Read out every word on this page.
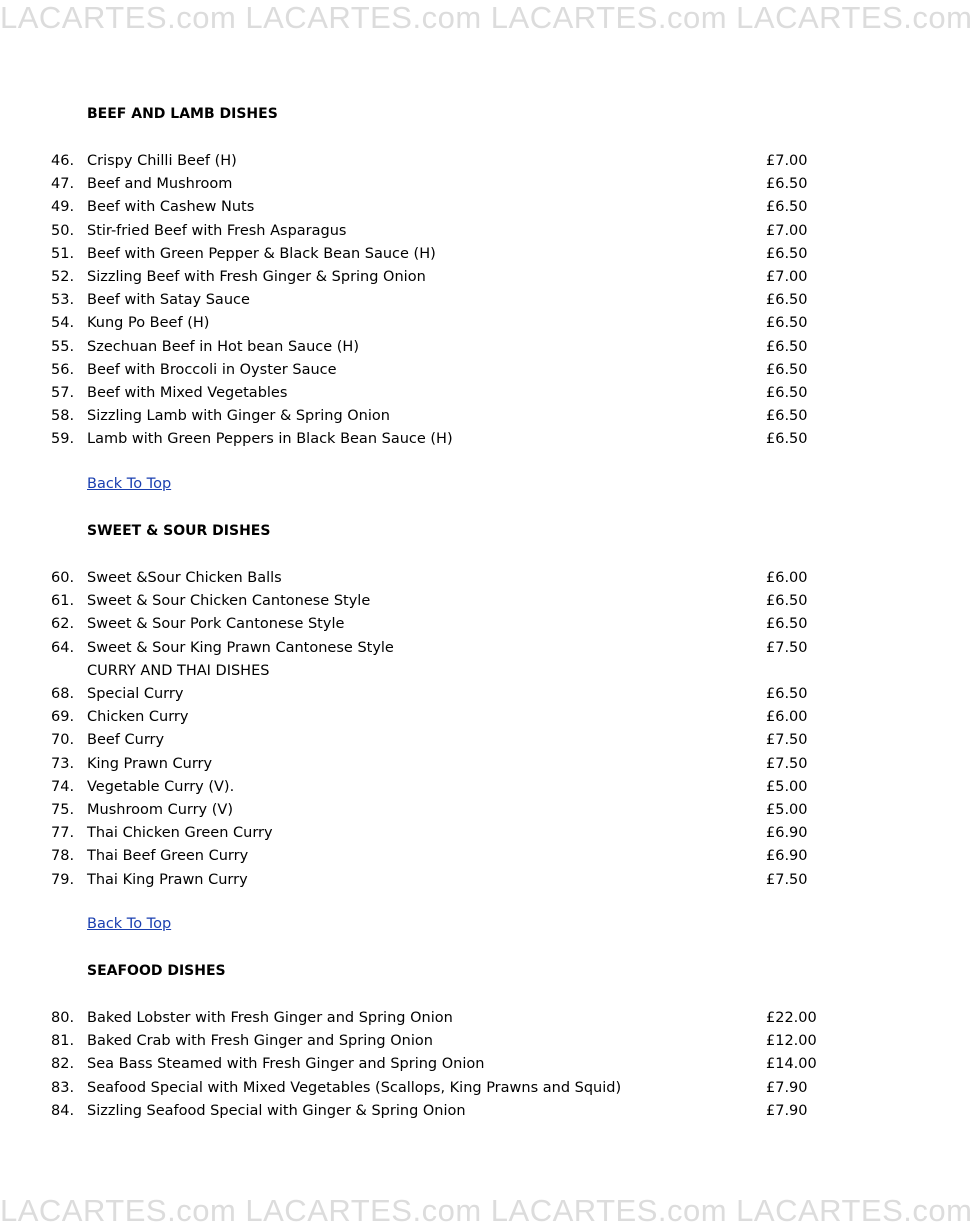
LACARTES.com LACARTES.com LACARTES.com LACARTES.com
BEEF AND LAMB DISHES
Back To Top
SWEET & SOUR DISHES
Back To Top
SEAFOOD DISHES
LACARTES.com LACARTES.com LACARTES.com LACARTES.com
46. Crispy Chilli Beef (H)	£7.00
47. Beef and Mushroom	£6.50
49. Beef with Cashew Nuts	£6.50
50. Stir-fried Beef with Fresh Asparagus	£7.00
51. Beef with Green Pepper & Black Bean Sauce (H)	£6.50
52. Sizzling Beef with Fresh Ginger & Spring Onion	£7.00
53. Beef with Satay Sauce	£6.50
54. Kung Po Beef (H)	£6.50
55. Szechuan Beef in Hot bean Sauce (H)	£6.50
56. Beef with Broccoli in Oyster Sauce	£6.50
57. Beef with Mixed Vegetables	£6.50
58. Sizzling Lamb with Ginger & Spring Onion	£6.50
59. Lamb with Green Peppers in Black Bean Sauce (H)	£6.50
60. Sweet &Sour Chicken Balls	£6.00
61. Sweet & Sour Chicken Cantonese Style	£6.50
62. Sweet & Sour Pork Cantonese Style	£6.50
64. Sweet & Sour King Prawn Cantonese Style	£7.50
CURRY AND THAI DISHES
68. Special Curry	£6.50
69. Chicken Curry	£6.00
70. Beef Curry	£7.50
73. King Prawn Curry	£7.50
74. Vegetable Curry (V).	£5.00
75. Mushroom Curry (V)	£5.00
77. Thai Chicken Green Curry	£6.90
78. Thai Beef Green Curry	£6.90
79. Thai King Prawn Curry	£7.50
80. Baked Lobster with Fresh Ginger and Spring Onion	£22.00
81. Baked Crab with Fresh Ginger and Spring Onion	£12.00
82. Sea Bass Steamed with Fresh Ginger and Spring Onion	£14.00
83. Seafood Special with Mixed Vegetables (Scallops, King Prawns and Squid)	£7.90
84. Sizzling Seafood Special with Ginger & Spring Onion	£7.90
